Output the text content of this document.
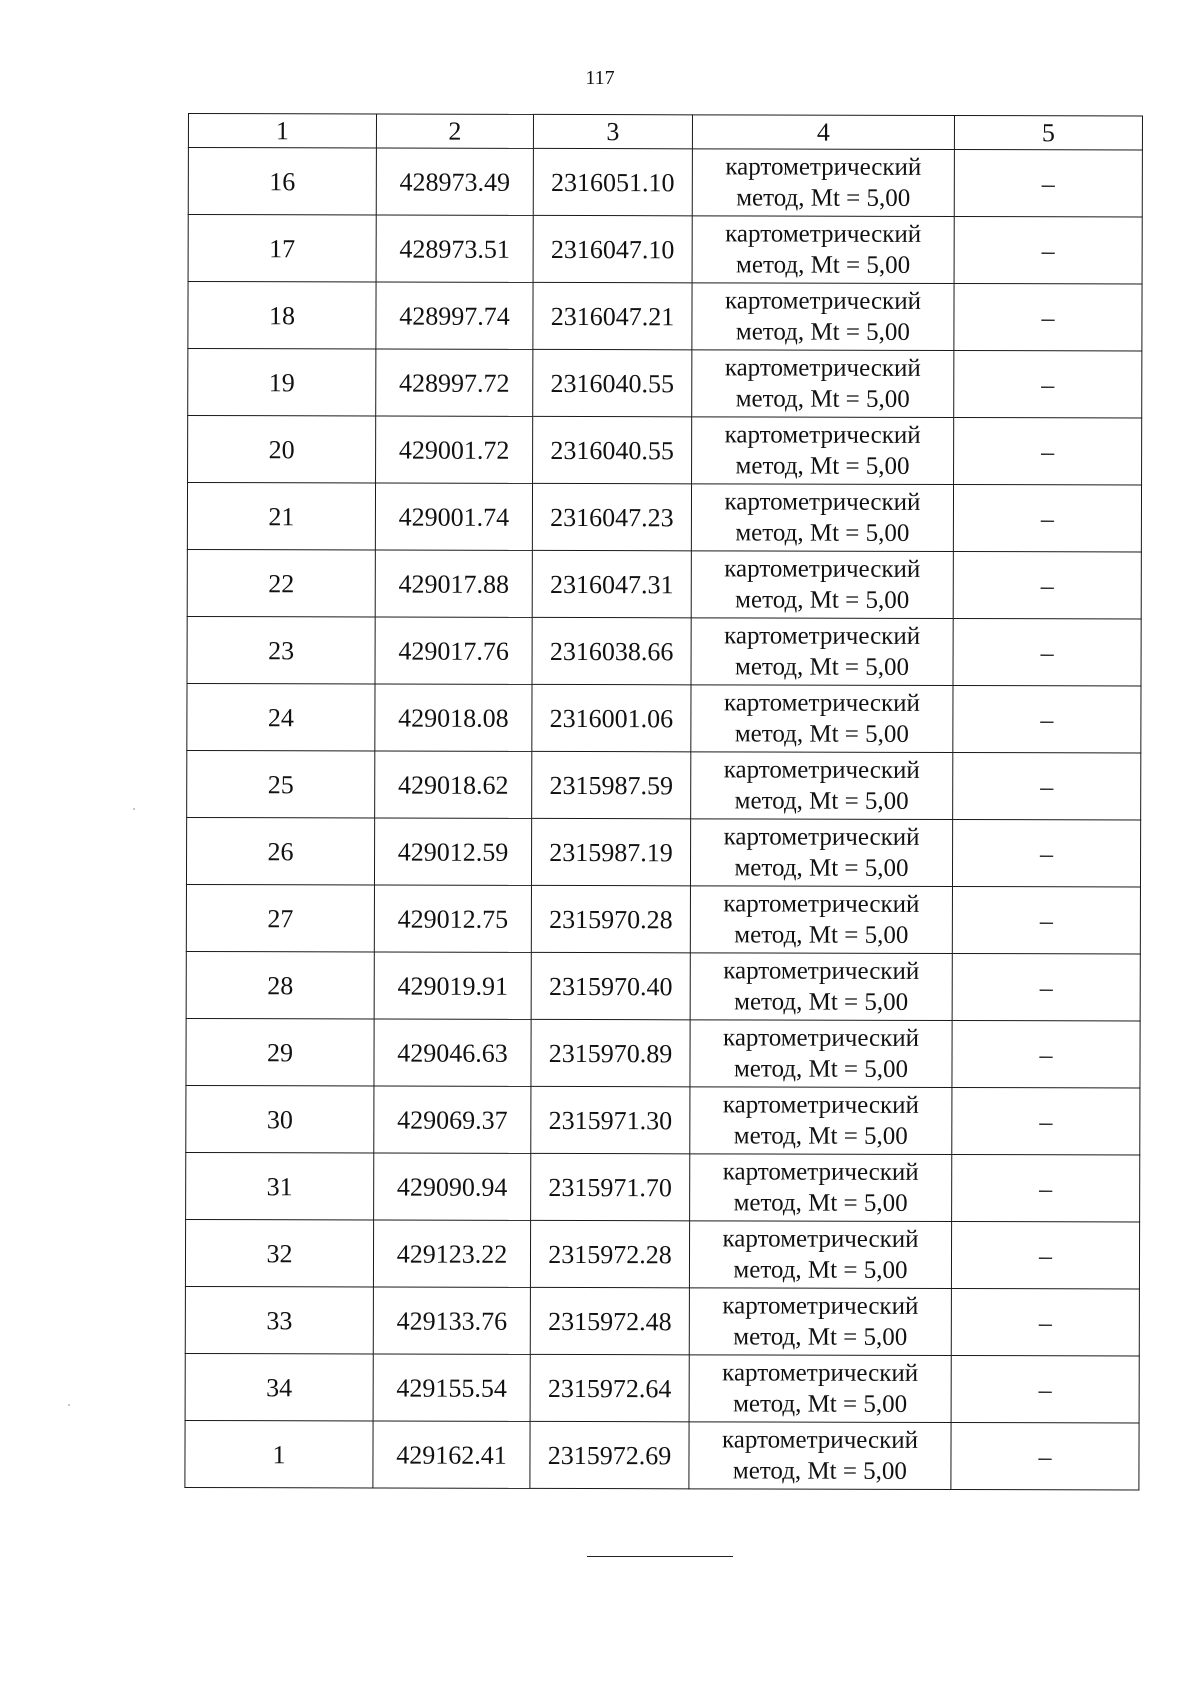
117
1	2	3	4	5
16	428973.49	2316051.10	картометрический
метод, Mt = 5,00	–
17	428973.51	2316047.10	картометрический
метод, Mt = 5,00	–
18	428997.74	2316047.21	картометрический
метод, Mt = 5,00	–
19	428997.72	2316040.55	картометрический
метод, Mt = 5,00	–
20	429001.72	2316040.55	картометрический
метод, Mt = 5,00	–
21	429001.74	2316047.23	картометрический
метод, Mt = 5,00	–
22	429017.88	2316047.31	картометрический
метод, Mt = 5,00	–
23	429017.76	2316038.66	картометрический
метод, Mt = 5,00	–
24	429018.08	2316001.06	картометрический
метод, Mt = 5,00	–
25	429018.62	2315987.59	картометрический
метод, Mt = 5,00	–
26	429012.59	2315987.19	картометрический
метод, Mt = 5,00	–
27	429012.75	2315970.28	картометрический
метод, Mt = 5,00	–
28	429019.91	2315970.40	картометрический
метод, Mt = 5,00	–
29	429046.63	2315970.89	картометрический
метод, Mt = 5,00	–
30	429069.37	2315971.30	картометрический
метод, Mt = 5,00	–
31	429090.94	2315971.70	картометрический
метод, Mt = 5,00	–
32	429123.22	2315972.28	картометрический
метод, Mt = 5,00	–
33	429133.76	2315972.48	картометрический
метод, Mt = 5,00	–
34	429155.54	2315972.64	картометрический
метод, Mt = 5,00	–
1	429162.41	2315972.69	картометрический
метод, Mt = 5,00	–
